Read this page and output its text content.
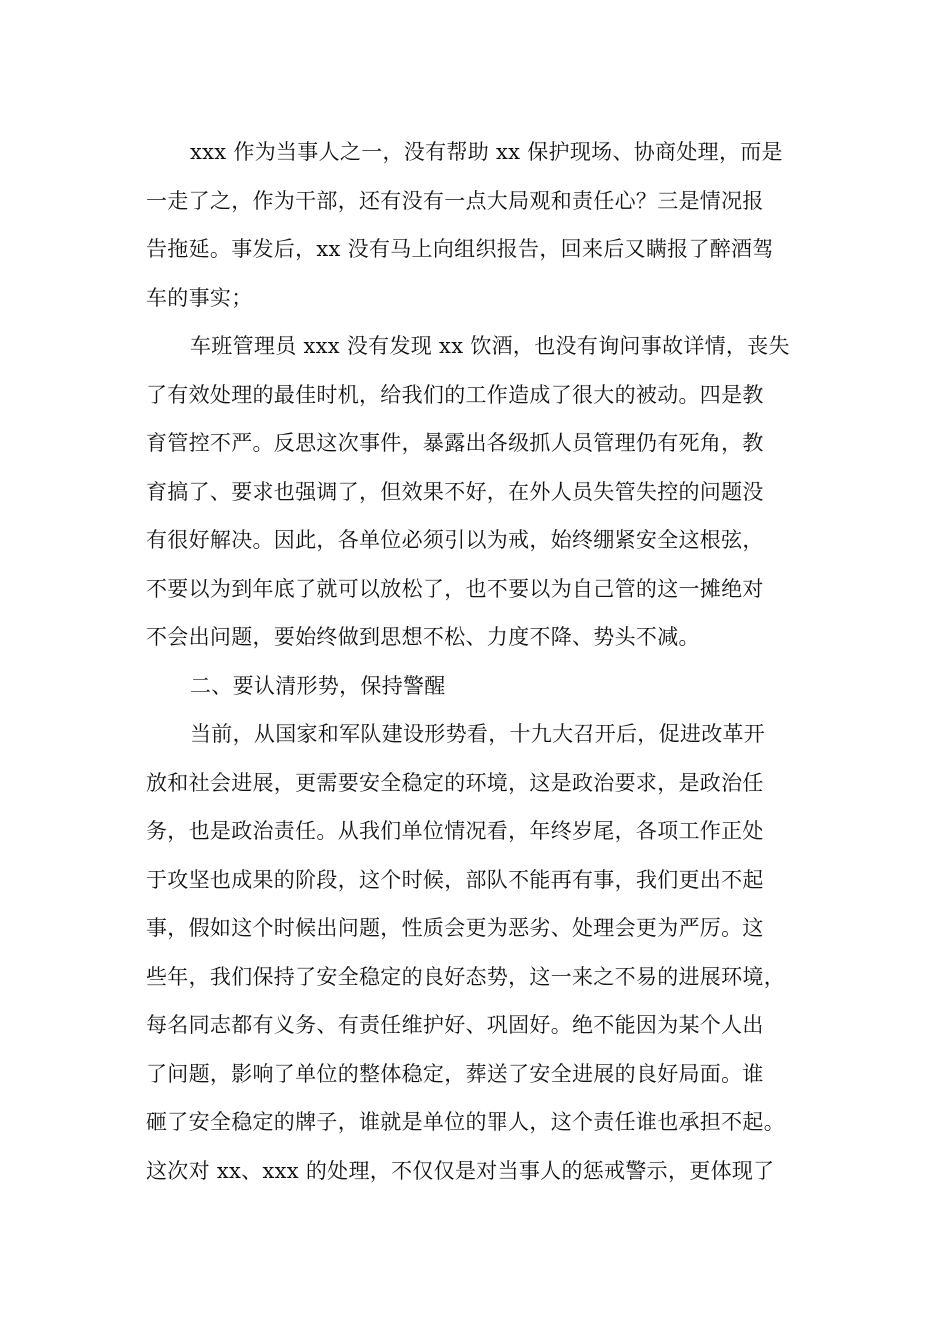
xxx 作为当事人之一，没有帮助 xx 保护现场、协商处理，而是
一走了之，作为干部，还有没有一点大局观和责任心？三是情况报
告拖延。事发后，xx 没有马上向组织报告，回来后又瞒报了醉酒驾
车的事实；
车班管理员 xxx 没有发现 xx 饮酒，也没有询问事故详情，丧失
了有效处理的最佳时机，给我们的工作造成了很大的被动。四是教
育管控不严。反思这次事件，暴露出各级抓人员管理仍有死角，教
育搞了、要求也强调了，但效果不好，在外人员失管失控的问题没
有很好解决。因此，各单位必须引以为戒，始终绷紧安全这根弦，
不要以为到年底了就可以放松了，也不要以为自己管的这一摊绝对
不会出问题，要始终做到思想不松、力度不降、势头不减。
二、要认清形势，保持警醒
当前，从国家和军队建设形势看，十九大召开后，促进改革开
放和社会进展，更需要安全稳定的环境，这是政治要求，是政治任
务，也是政治责任。从我们单位情况看，年终岁尾，各项工作正处
于攻坚也成果的阶段，这个时候，部队不能再有事，我们更出不起
事，假如这个时候出问题，性质会更为恶劣、处理会更为严厉。这
些年，我们保持了安全稳定的良好态势，这一来之不易的进展环境，
每名同志都有义务、有责任维护好、巩固好。绝不能因为某个人出
了问题，影响了单位的整体稳定，葬送了安全进展的良好局面。谁
砸了安全稳定的牌子，谁就是单位的罪人，这个责任谁也承担不起。
这次对 xx、xxx 的处理，不仅仅是对当事人的惩戒警示，更体现了
